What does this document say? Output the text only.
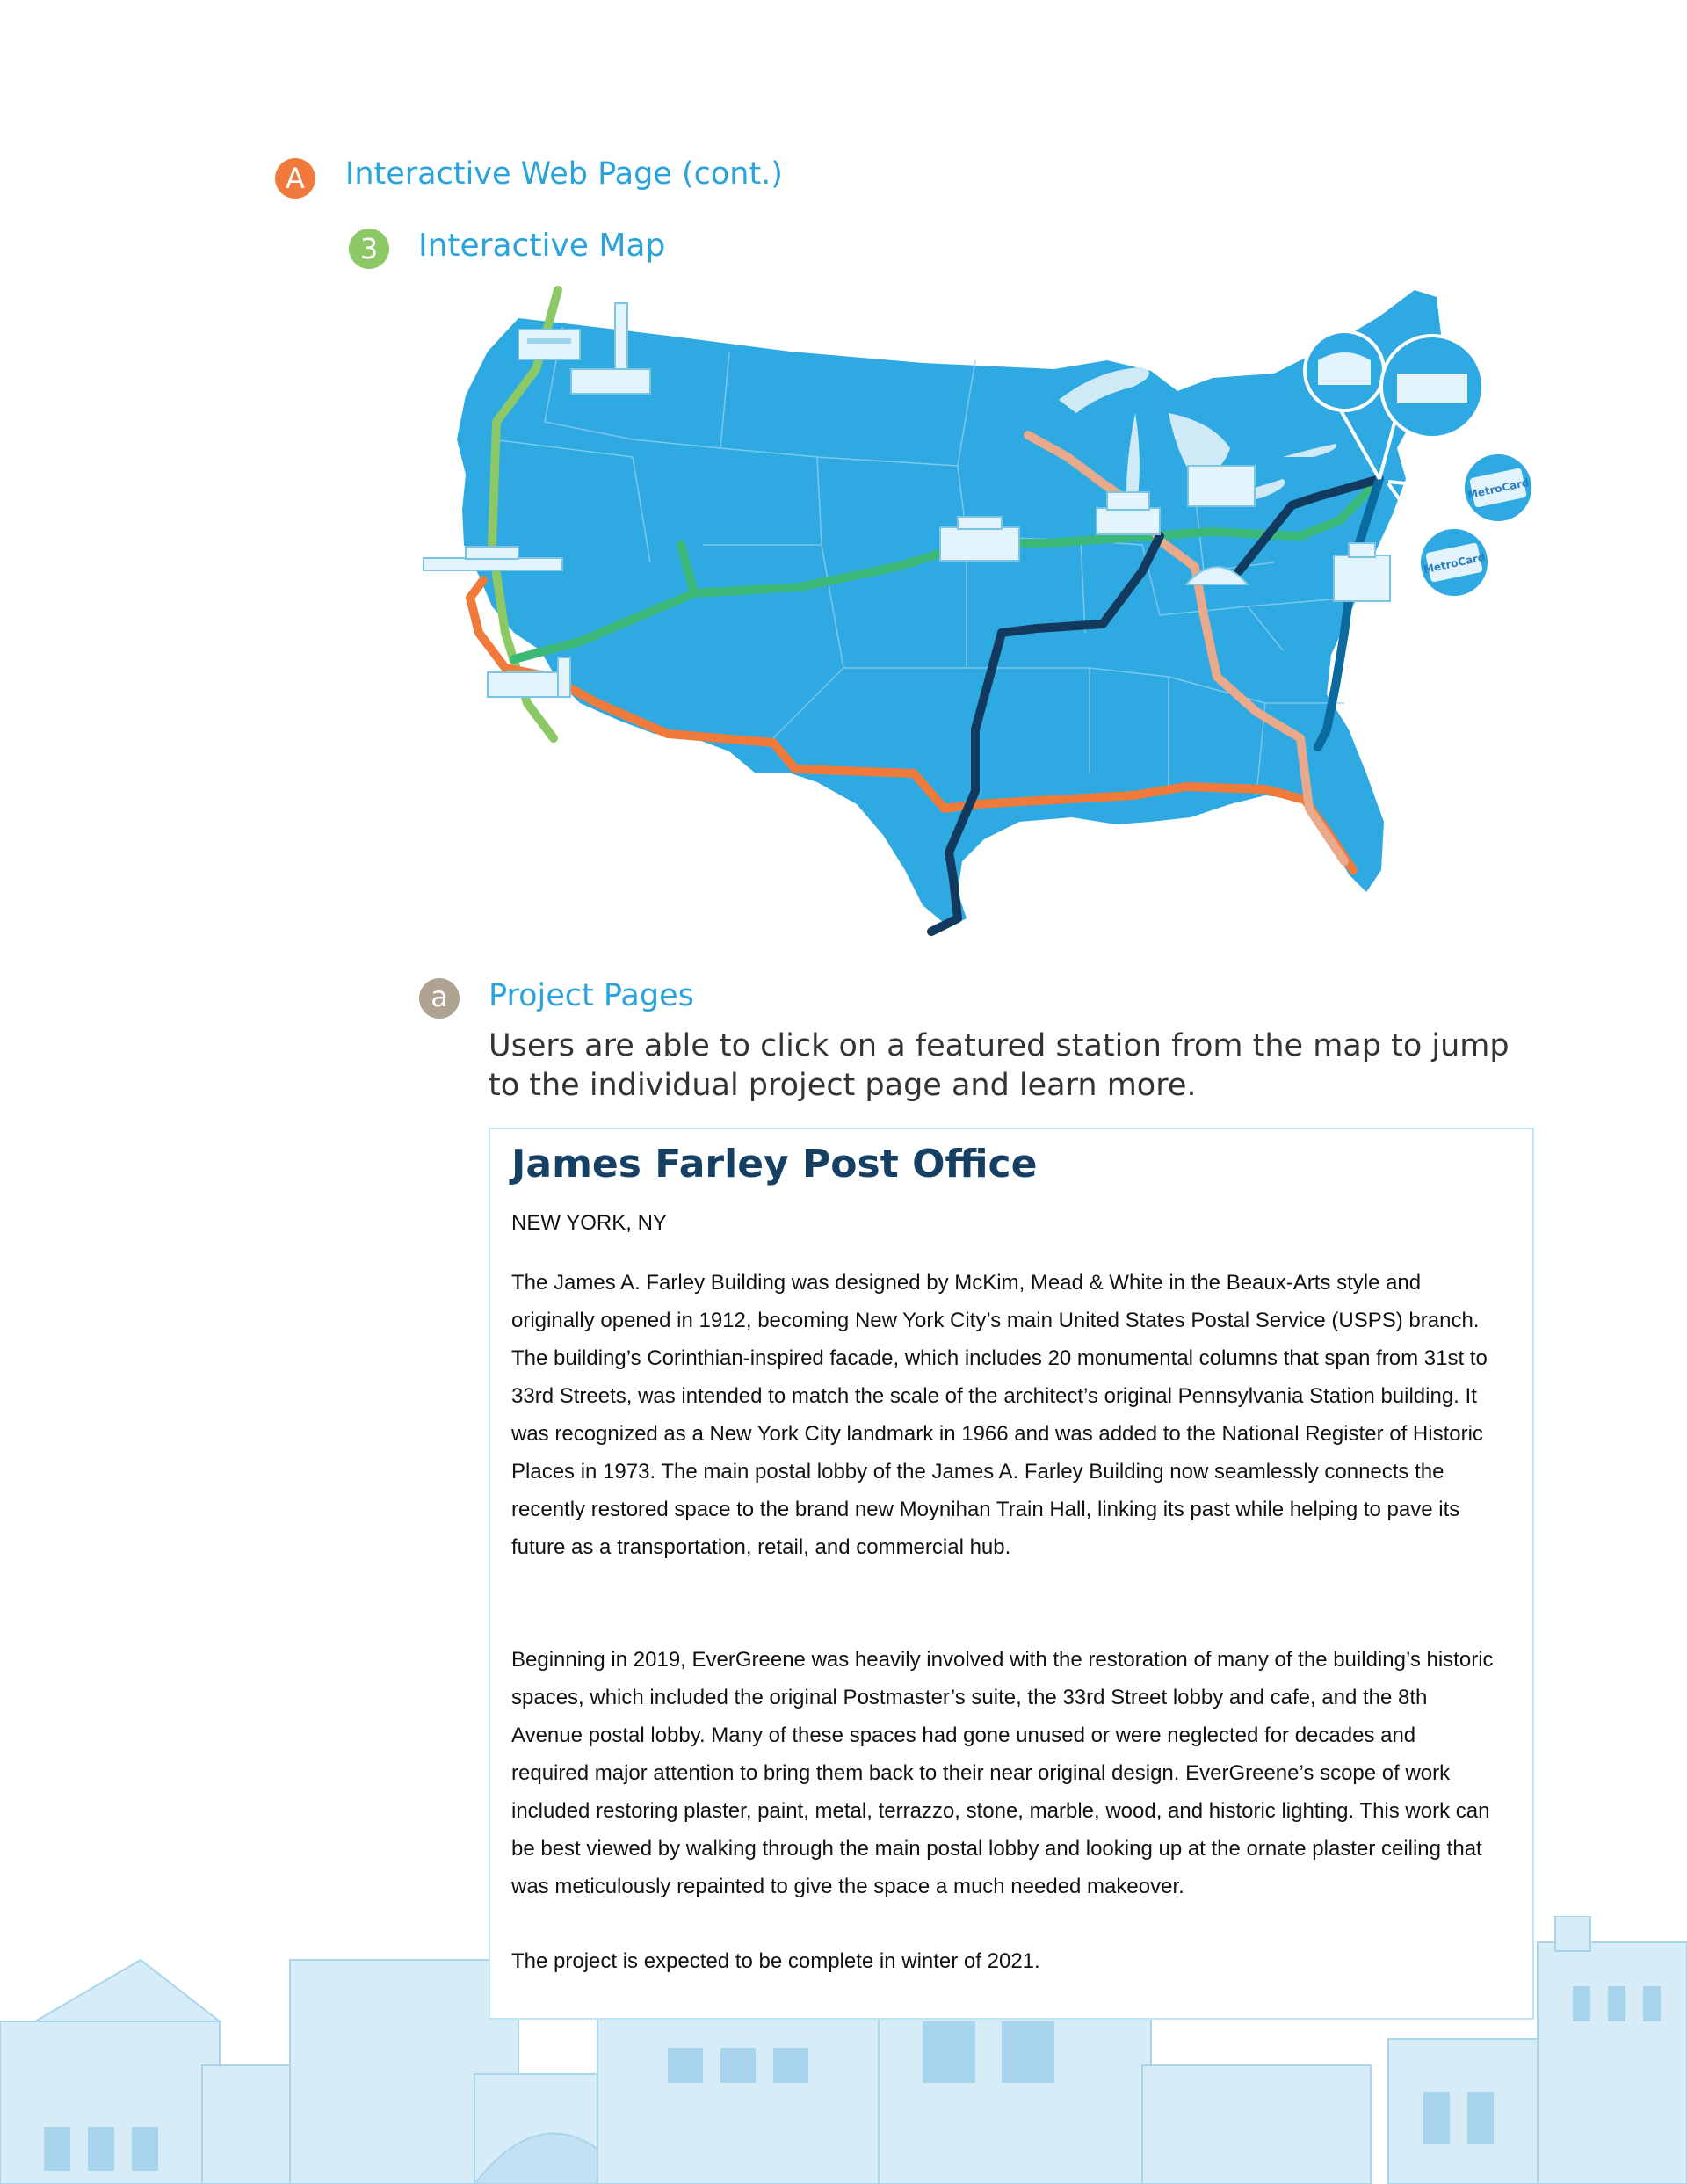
A	Interactive Web Page (cont.)
3	Interactive Map
MetroCard
MetroCard
a	Project Pages
Users are able to click on a featured station from the map to jump to the individual project page and learn more.
James Farley Post Office
NEW YORK, NY
The James A. Farley Building was designed by McKim, Mead & White in the Beaux-Arts style and originally opened in 1912, becoming New York City’s main United States Postal Service (USPS) branch. The building’s Corinthian-inspired facade, which includes 20 monumental columns that span from 31st to 33rd Streets, was intended to match the scale of the architect’s original Pennsylvania Station building. It was recognized as a New York City landmark in 1966 and was added to the National Register of Historic Places in 1973. The main postal lobby of the James A. Farley Building now seamlessly connects the recently restored space to the brand new Moynihan Train Hall, linking its past while helping to pave its future as a transportation, retail, and commercial hub.
Beginning in 2019, EverGreene was heavily involved with the restoration of many of the building’s historic spaces, which included the original Postmaster’s suite, the 33rd Street lobby and cafe, and the 8th Avenue postal lobby. Many of these spaces had gone unused or were neglected for decades and required major attention to bring them back to their near original design. EverGreene’s scope of work included restoring plaster, paint, metal, terrazzo, stone, marble, wood, and historic lighting. This work can be best viewed by walking through the main postal lobby and looking up at the ornate plaster ceiling that was meticulously repainted to give the space a much needed makeover.
The project is expected to be complete in winter of 2021.
